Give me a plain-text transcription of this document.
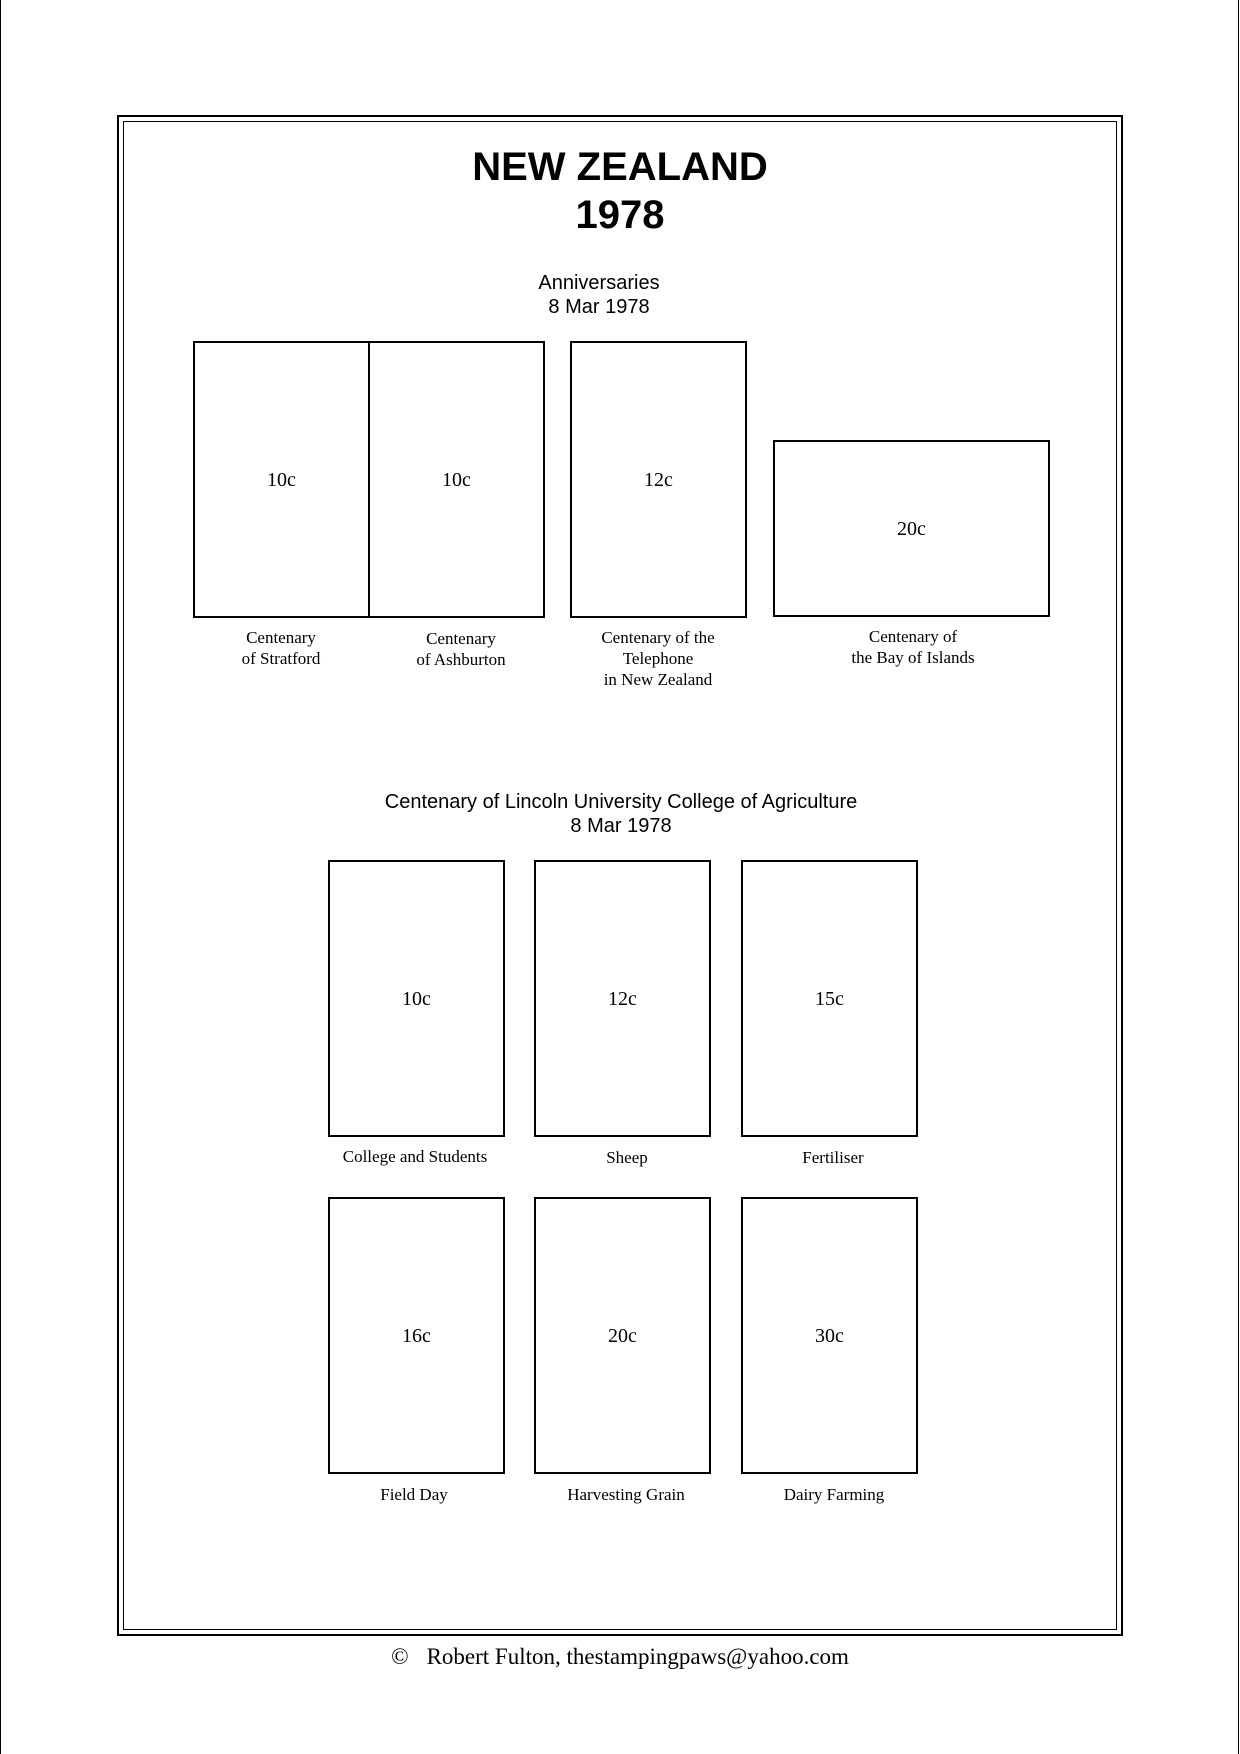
NEW ZEALAND
1978
Anniversaries
8 Mar 1978
10c
Centenary
of Stratford
10c
Centenary
of Ashburton
12c
Centenary of the
Telephone
in New Zealand
20c
Centenary of
the Bay of Islands
Centenary of Lincoln University College of Agriculture
8 Mar 1978
10c
College and Students
12c
Sheep
15c
Fertiliser
16c
Field Day
20c
Harvesting Grain
30c
Dairy Farming
© Robert Fulton, thestampingpaws@yahoo.com
